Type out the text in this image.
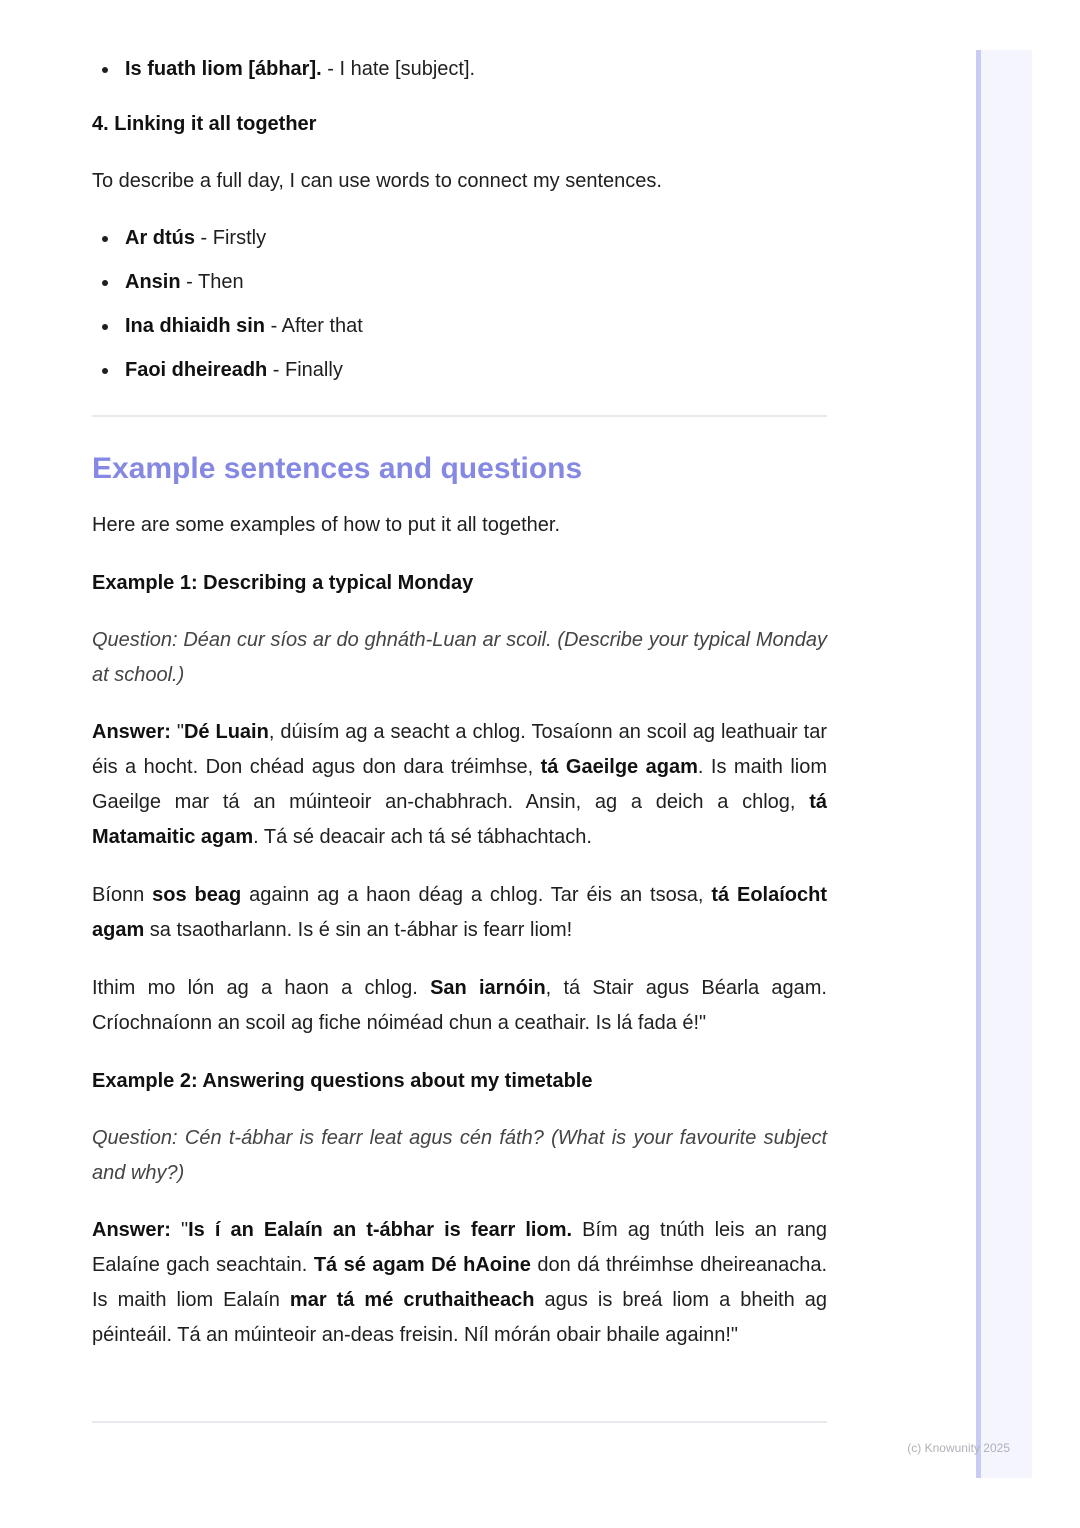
Is fuath liom [ábhar]. - I hate [subject].
4. Linking it all together

To describe a full day, I can use words to connect my sentences.

Ar dtús - Firstly
Ansin - Then
Ina dhiaidh sin - After that
Faoi dheireadh - Finally
Example sentences and questions

Here are some examples of how to put it all together.

Example 1: Describing a typical Monday

Question: Déan cur síos ar do ghnáth-Luan ar scoil. (Describe your typical Monday at school.)

Answer: "Dé Luain, dúisím ag a seacht a chlog. Tosaíonn an scoil ag leathuair tar éis a hocht. Don chéad agus don dara tréimhse, tá Gaeilge agam. Is maith liom Gaeilge mar tá an múinteoir an-chabhrach. Ansin, ag a deich a chlog, tá Matamaitic agam. Tá sé deacair ach tá sé tábhachtach.

Bíonn sos beag againn ag a haon déag a chlog. Tar éis an tsosa, tá Eolaíocht agam sa tsaotharlann. Is é sin an t-ábhar is fearr liom!

Ithim mo lón ag a haon a chlog. San iarnóin, tá Stair agus Béarla agam. Críochnaíonn an scoil ag fiche nóiméad chun a ceathair. Is lá fada é!"

Example 2: Answering questions about my timetable

Question: Cén t-ábhar is fearr leat agus cén fáth? (What is your favourite subject and why?)

Answer: "Is í an Ealaín an t-ábhar is fearr liom. Bím ag tnúth leis an rang Ealaíne gach seachtain. Tá sé agam Dé hAoine don dá thréimhse dheireanacha. Is maith liom Ealaín mar tá mé cruthaitheach agus is breá liom a bheith ag péinteáil. Tá an múinteoir an-deas freisin. Níl mórán obair bhaile againn!"

(c) Knowunity 2025
